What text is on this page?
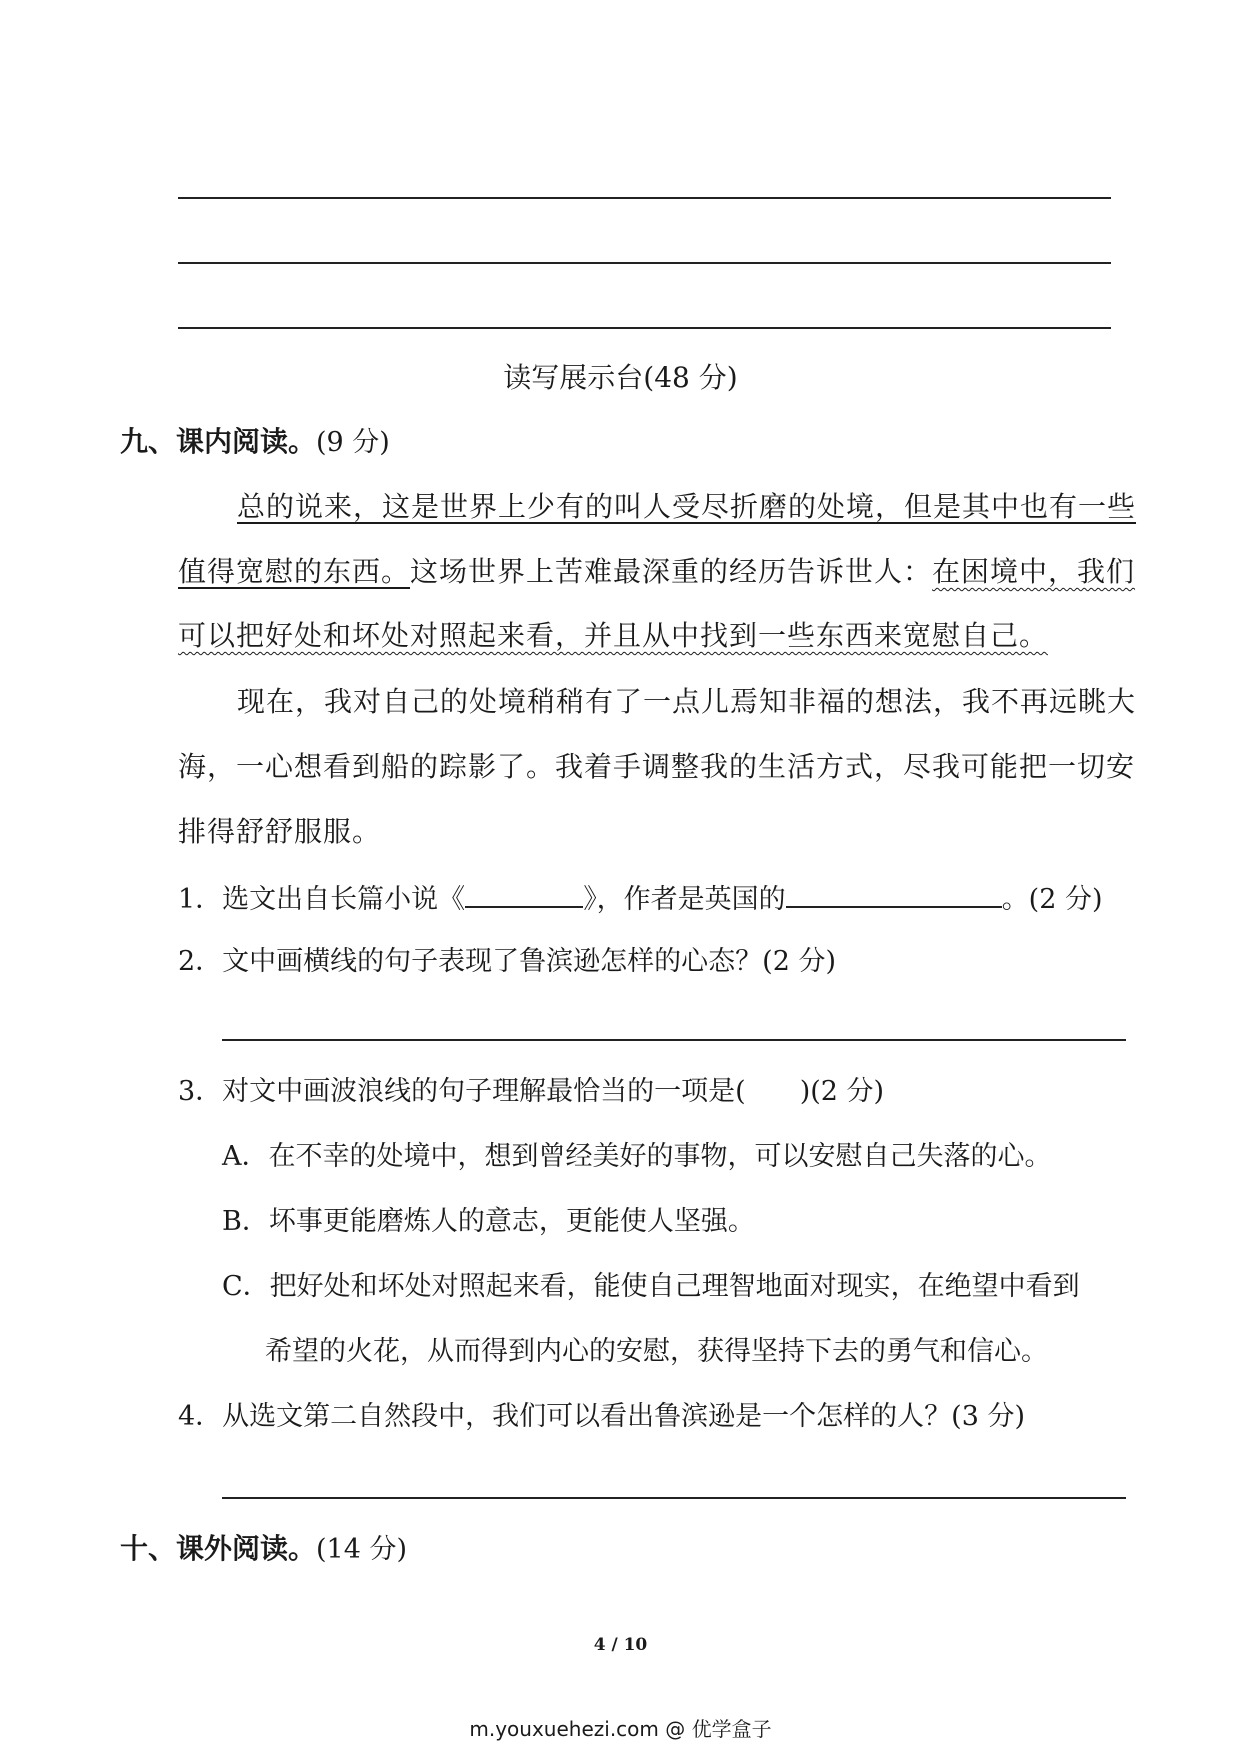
读写展示台(48 分)
九、课内阅读。(9 分)
总的说来，这是世界上少有的叫人受尽折磨的处境，但是其中也有一些
值得宽慰的东西。这场世界上苦难最深重的经历告诉世人：在困境中，我们
可以把好处和坏处对照起来看，并且从中找到一些东西来宽慰自己。
现在，我对自己的处境稍稍有了一点儿焉知非福的想法，我不再远眺大
海，一心想看到船的踪影了。我着手调整我的生活方式，尽我可能把一切安
排得舒舒服服。
1．选文出自长篇小说《	》，作者是英国的	。(2 分)
2．文中画横线的句子表现了鲁滨逊怎样的心态？(2 分)
3．对文中画波浪线的句子理解最恰当的一项是(　　)(2 分)
A．在不幸的处境中，想到曾经美好的事物，可以安慰自己失落的心。
B．坏事更能磨炼人的意志，更能使人坚强。
C．把好处和坏处对照起来看，能使自己理智地面对现实，在绝望中看到
希望的火花，从而得到内心的安慰，获得坚持下去的勇气和信心。
4．从选文第二自然段中，我们可以看出鲁滨逊是一个怎样的人？(3 分)
十、课外阅读。(14 分)
4 / 10
m.youxuehezi.com @ 优学盒子
